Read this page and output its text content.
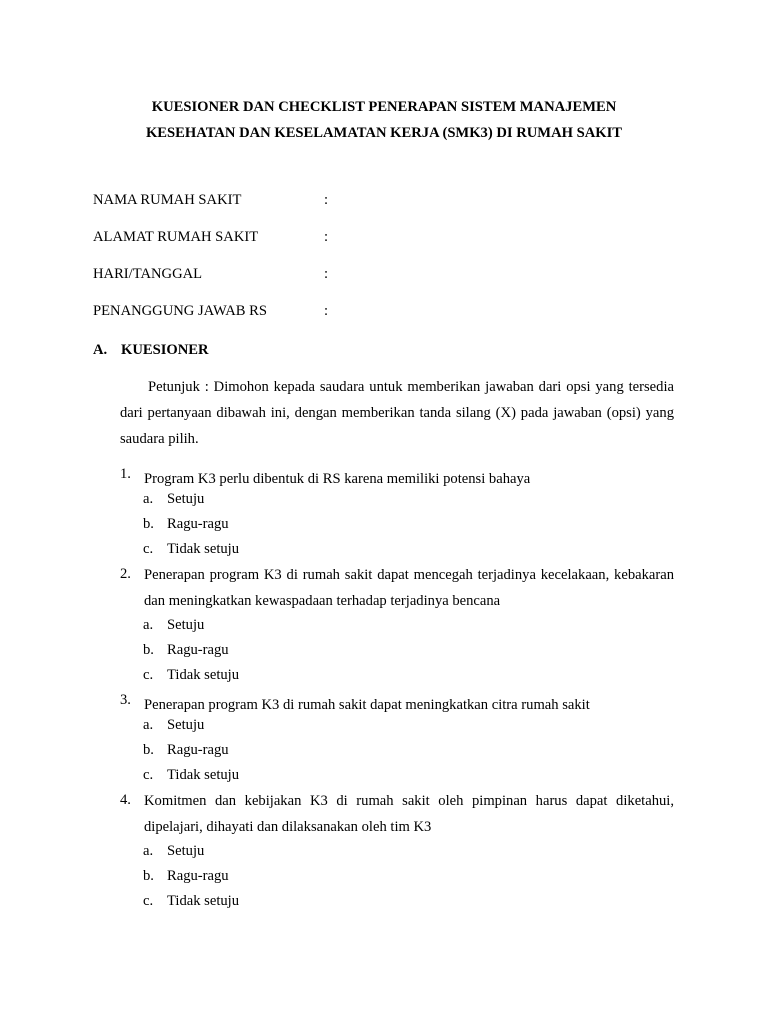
KUESIONER DAN CHECKLIST PENERAPAN SISTEM MANAJEMEN
KESEHATAN DAN KESELAMATAN KERJA (SMK3) DI RUMAH SAKIT
NAMA RUMAH SAKIT	:
ALAMAT RUMAH SAKIT	:
HARI/TANGGAL	:
PENANGGUNG JAWAB RS	:
A. KUESIONER
Petunjuk : Dimohon kepada saudara untuk memberikan jawaban dari opsi yang tersedia dari pertanyaan dibawah ini, dengan memberikan tanda silang (X) pada jawaban (opsi) yang saudara pilih.
1. Program K3 perlu dibentuk di RS karena memiliki potensi bahaya
a. Setuju
b. Ragu-ragu
c. Tidak setuju
2. Penerapan program K3 di rumah sakit dapat mencegah terjadinya kecelakaan, kebakaran dan meningkatkan kewaspadaan terhadap terjadinya bencana
a. Setuju
b. Ragu-ragu
c. Tidak setuju
3. Penerapan program K3 di rumah sakit dapat meningkatkan citra rumah sakit
a. Setuju
b. Ragu-ragu
c. Tidak setuju
4. Komitmen dan kebijakan K3 di rumah sakit oleh pimpinan harus dapat diketahui, dipelajari, dihayati dan dilaksanakan oleh tim K3
a. Setuju
b. Ragu-ragu
c. Tidak setuju
